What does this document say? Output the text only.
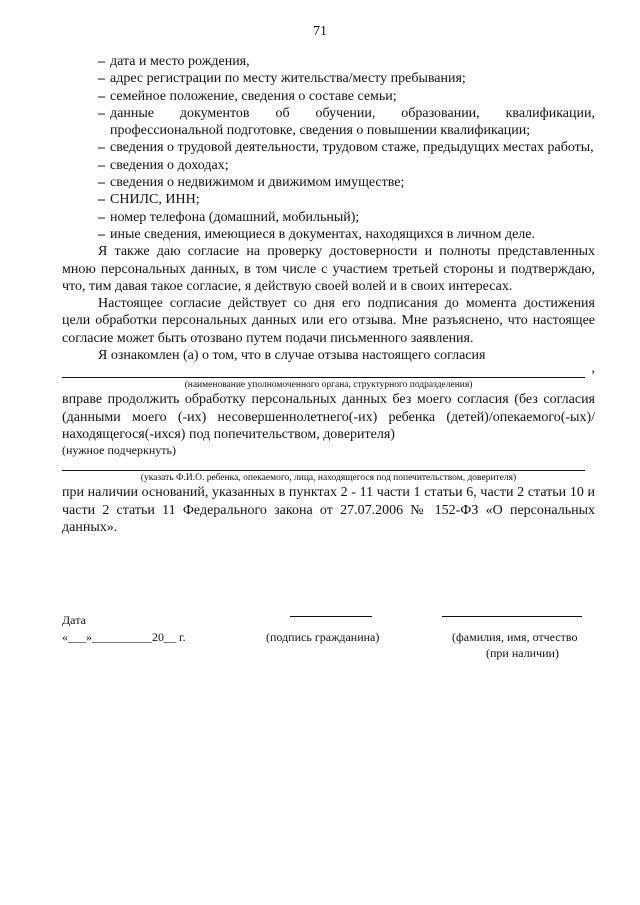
71
– дата и место рождения,
– адрес регистрации по месту жительства/месту пребывания;
– семейное положение, сведения о составе семьи;
– данные документов об обучении, образовании, квалификации, профессиональной подготовке, сведения о повышении квалификации;
– сведения о трудовой деятельности, трудовом стаже, предыдущих местах работы,
– сведения о доходах;
– сведения о недвижимом и движимом имуществе;
– СНИЛС, ИНН;
– номер телефона (домашний, мобильный);
– иные сведения, имеющиеся в документах, находящихся в личном деле.

Я также даю согласие на проверку достоверности и полноты представленных мною персональных данных, в том числе с участием третьей стороны и подтверждаю, что, тим давая такое согласие, я действую своей волей и в своих интересах.

Настоящее согласие действует со дня его подписания до момента достижения цели обработки персональных данных или его отзыва. Мне разъяснено, что настоящее согласие может быть отозвано путем подачи письменного заявления.

Я ознакомлен (а) о том, что в случае отзыва настоящего согласия

,
(наименование уполномоченного органа, структурного подразделения)

вправе продолжить обработку персональных данных без моего согласия (без согласия (данными моего (-их) несовершеннолетнего(-их) ребенка (детей)/опекаемого(-ых)/находящегося(-ихся) под попечительством, доверителя)

(нужное подчеркнуть)
(указать Ф.И.О. ребенка, опекаемого, лица, находящегося под попечительством, доверителя)

при наличии оснований, указанных в пунктах 2 - 11 части 1 статьи 6, части 2 статьи 10 и части 2 статьи 11 Федерального закона от 27.07.2006 № 152-ФЗ «О персональных данных».

Дата
«___»__________20__ г.	(подпись гражданина)	(фамилия, имя, отчество
(при наличии)
